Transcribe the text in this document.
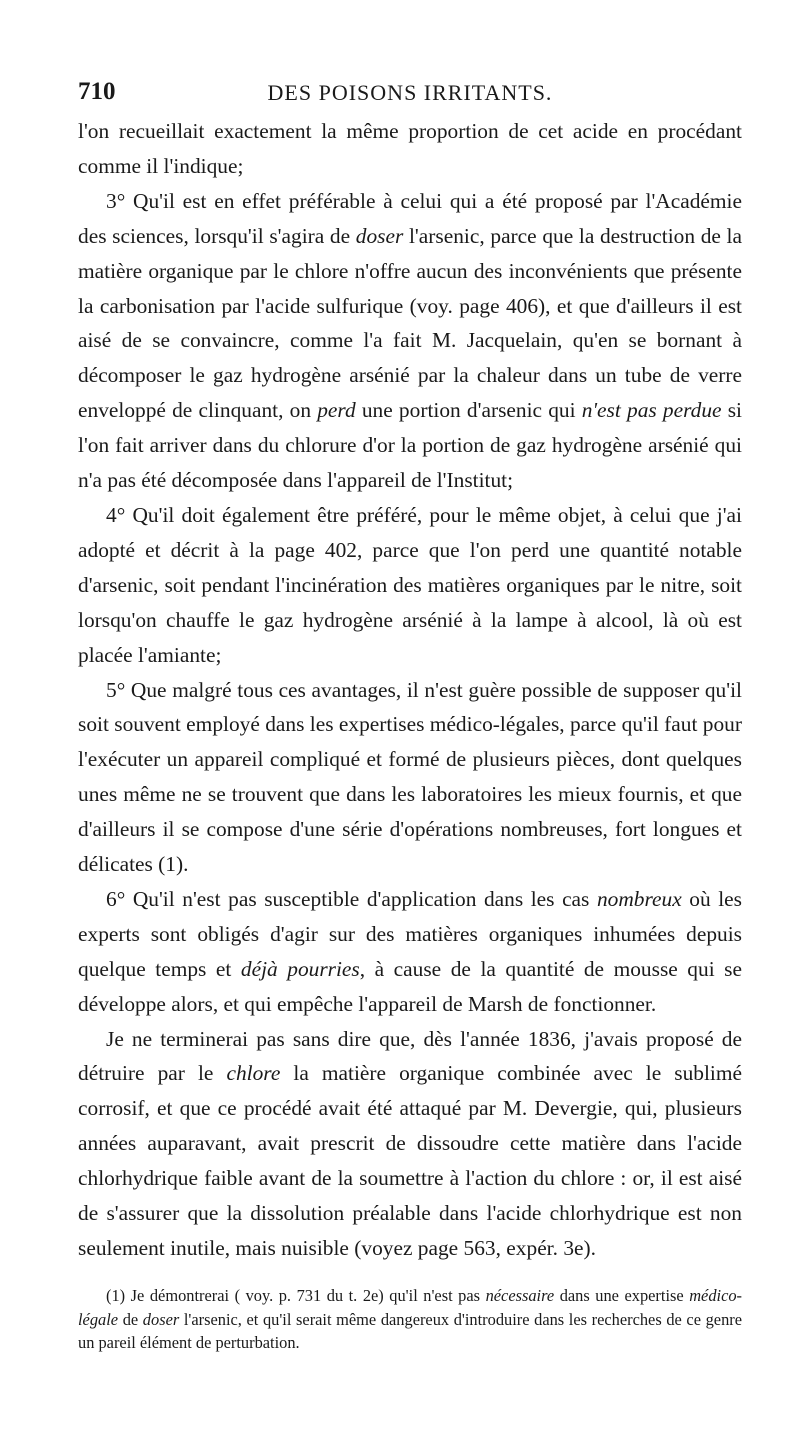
710	DES POISONS IRRITANTS.

l'on recueillait exactement la même proportion de cet acide en procédant comme il l'indique;

3° Qu'il est en effet préférable à celui qui a été proposé par l'Académie des sciences, lorsqu'il s'agira de doser l'arsenic, parce que la destruction de la matière organique par le chlore n'offre aucun des inconvénients que présente la carbonisation par l'acide sulfurique (voy. page 406), et que d'ailleurs il est aisé de se convaincre, comme l'a fait M. Jacquelain, qu'en se bornant à décomposer le gaz hydrogène arsénié par la chaleur dans un tube de verre enveloppé de clinquant, on perd une portion d'arsenic qui n'est pas perdue si l'on fait arriver dans du chlorure d'or la portion de gaz hydrogène arsénié qui n'a pas été décomposée dans l'appareil de l'Institut;

4° Qu'il doit également être préféré, pour le même objet, à celui que j'ai adopté et décrit à la page 402, parce que l'on perd une quantité notable d'arsenic, soit pendant l'incinération des matières organiques par le nitre, soit lorsqu'on chauffe le gaz hydrogène arsénié à la lampe à alcool, là où est placée l'amiante;

5° Que malgré tous ces avantages, il n'est guère possible de supposer qu'il soit souvent employé dans les expertises médico-légales, parce qu'il faut pour l'exécuter un appareil compliqué et formé de plusieurs pièces, dont quelques unes même ne se trouvent que dans les laboratoires les mieux fournis, et que d'ailleurs il se compose d'une série d'opérations nombreuses, fort longues et délicates (1).

6° Qu'il n'est pas susceptible d'application dans les cas nombreux où les experts sont obligés d'agir sur des matières organiques inhumées depuis quelque temps et déjà pourries, à cause de la quantité de mousse qui se développe alors, et qui empêche l'appareil de Marsh de fonctionner.

Je ne terminerai pas sans dire que, dès l'année 1836, j'avais proposé de détruire par le chlore la matière organique combinée avec le sublimé corrosif, et que ce procédé avait été attaqué par M. Devergie, qui, plusieurs années auparavant, avait prescrit de dissoudre cette matière dans l'acide chlorhydrique faible avant de la soumettre à l'action du chlore : or, il est aisé de s'assurer que la dissolution préalable dans l'acide chlorhydrique est non seulement inutile, mais nuisible (voyez page 563, expér. 3e).

(1) Je démontrerai ( voy. p. 731 du t. 2e) qu'il n'est pas nécessaire dans une expertise médico-légale de doser l'arsenic, et qu'il serait même dangereux d'introduire dans les recherches de ce genre un pareil élément de perturbation.
